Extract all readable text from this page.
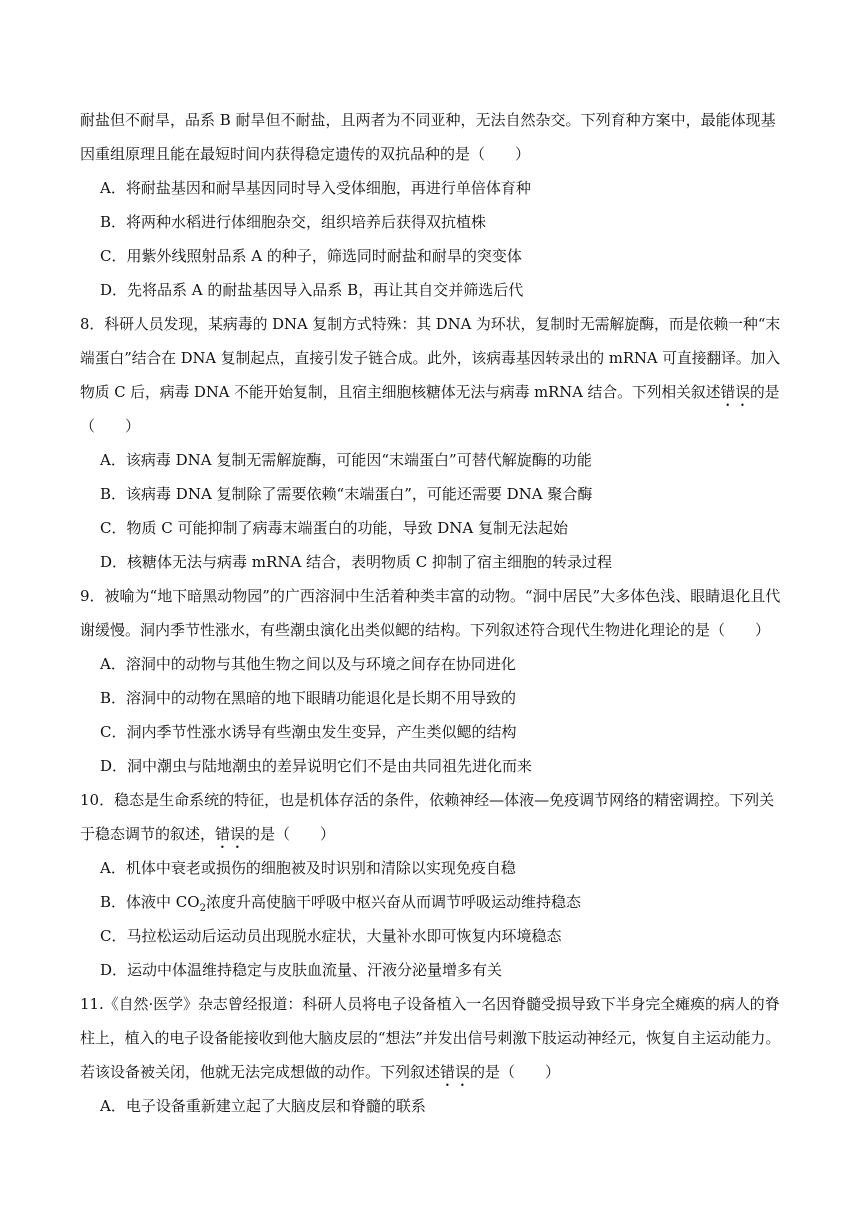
耐盐但不耐旱，品系 B 耐旱但不耐盐，且两者为不同亚种，无法自然杂交。下列育种方案中，最能体现基
因重组原理且能在最短时间内获得稳定遗传的双抗品种的是（　　）
A．将耐盐基因和耐旱基因同时导入受体细胞，再进行单倍体育种
B．将两种水稻进行体细胞杂交，组织培养后获得双抗植株
C．用紫外线照射品系 A 的种子，筛选同时耐盐和耐旱的突变体
D．先将品系 A 的耐盐基因导入品系 B，再让其自交并筛选后代
8．科研人员发现，某病毒的 DNA 复制方式特殊：其 DNA 为环状，复制时无需解旋酶，而是依赖一种“末
端蛋白”结合在 DNA 复制起点，直接引发子链合成。此外，该病毒基因转录出的 mRNA 可直接翻译。加入
物质 C 后，病毒 DNA 不能开始复制，且宿主细胞核糖体无法与病毒 mRNA 结合。下列相关叙述错误的是
（　　）
A．该病毒 DNA 复制无需解旋酶，可能因“末端蛋白”可替代解旋酶的功能
B．该病毒 DNA 复制除了需要依赖“末端蛋白”，可能还需要 DNA 聚合酶
C．物质 C 可能抑制了病毒末端蛋白的功能，导致 DNA 复制无法起始
D．核糖体无法与病毒 mRNA 结合，表明物质 C 抑制了宿主细胞的转录过程
9．被喻为“地下暗黑动物园”的广西溶洞中生活着种类丰富的动物。“洞中居民”大多体色浅、眼睛退化且代
谢缓慢。洞内季节性涨水，有些潮虫演化出类似鳃的结构。下列叙述符合现代生物进化理论的是（　　）
A．溶洞中的动物与其他生物之间以及与环境之间存在协同进化
B．溶洞中的动物在黑暗的地下眼睛功能退化是长期不用导致的
C．洞内季节性涨水诱导有些潮虫发生变异，产生类似鳃的结构
D．洞中潮虫与陆地潮虫的差异说明它们不是由共同祖先进化而来
10．稳态是生命系统的特征，也是机体存活的条件，依赖神经—体液—免疫调节网络的精密调控。下列关
于稳态调节的叙述，错误的是（　　）
A．机体中衰老或损伤的细胞被及时识别和清除以实现免疫自稳
B．体液中 $CO_2$浓度升高使脑干呼吸中枢兴奋从而调节呼吸运动维持稳态
C．马拉松运动后运动员出现脱水症状，大量补水即可恢复内环境稳态
D．运动中体温维持稳定与皮肤血流量、汗液分泌量增多有关
11.《自然·医学》杂志曾经报道：科研人员将电子设备植入一名因脊髓受损导致下半身完全瘫痪的病人的脊
柱上，植入的电子设备能接收到他大脑皮层的“想法”并发出信号刺激下肢运动神经元，恢复自主运动能力。
若该设备被关闭，他就无法完成想做的动作。下列叙述错误的是（　　）
A．电子设备重新建立起了大脑皮层和脊髓的联系
